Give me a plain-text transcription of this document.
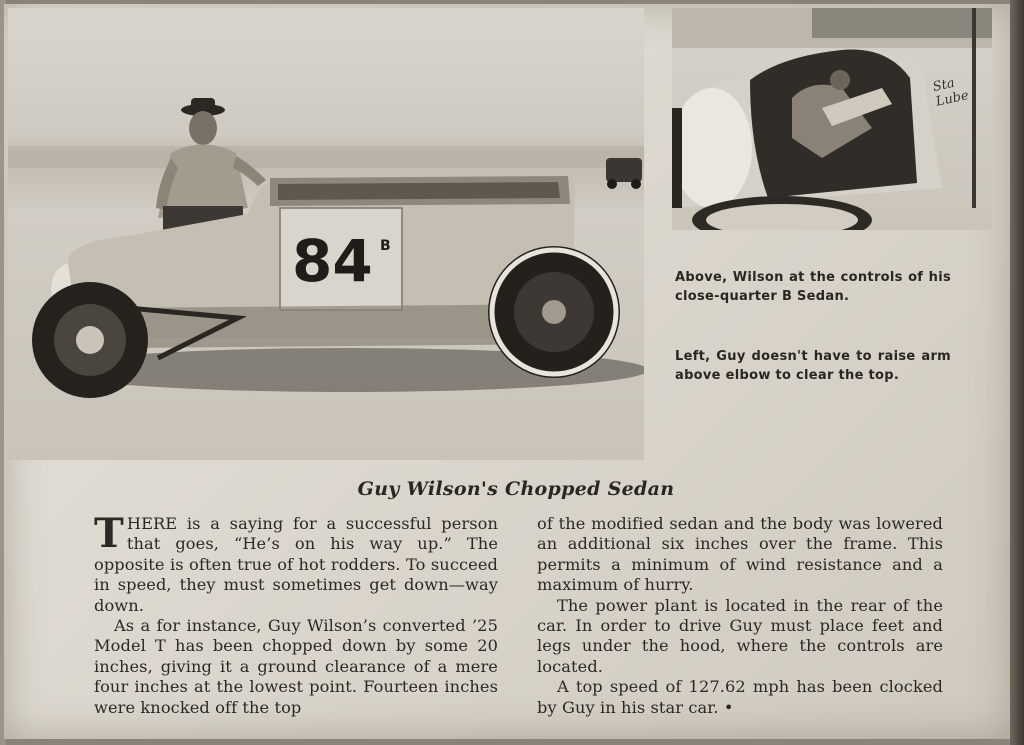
84 B
Sta Lube
Above, Wilson at the controls of his close-quarter B Sedan.
Left, Guy doesn't have to raise arm above elbow to clear the top.
Guy Wilson's Chopped Sedan

THERE is a saying for a successful person that goes, “He’s on his way up.” The opposite is often true of hot rodders. To succeed in speed, they must sometimes get down—way down.

As a for instance, Guy Wilson’s converted ’25 Model T has been chopped down by some 20 inches, giving it a ground clearance of a mere four inches at the lowest point. Fourteen inches were knocked off the top

of the modified sedan and the body was lowered an additional six inches over the frame. This permits a minimum of wind resistance and a maximum of hurry.

The power plant is located in the rear of the car. In order to drive Guy must place feet and legs under the hood, where the controls are located.

A top speed of 127.62 mph has been clocked by Guy in his star car. •
